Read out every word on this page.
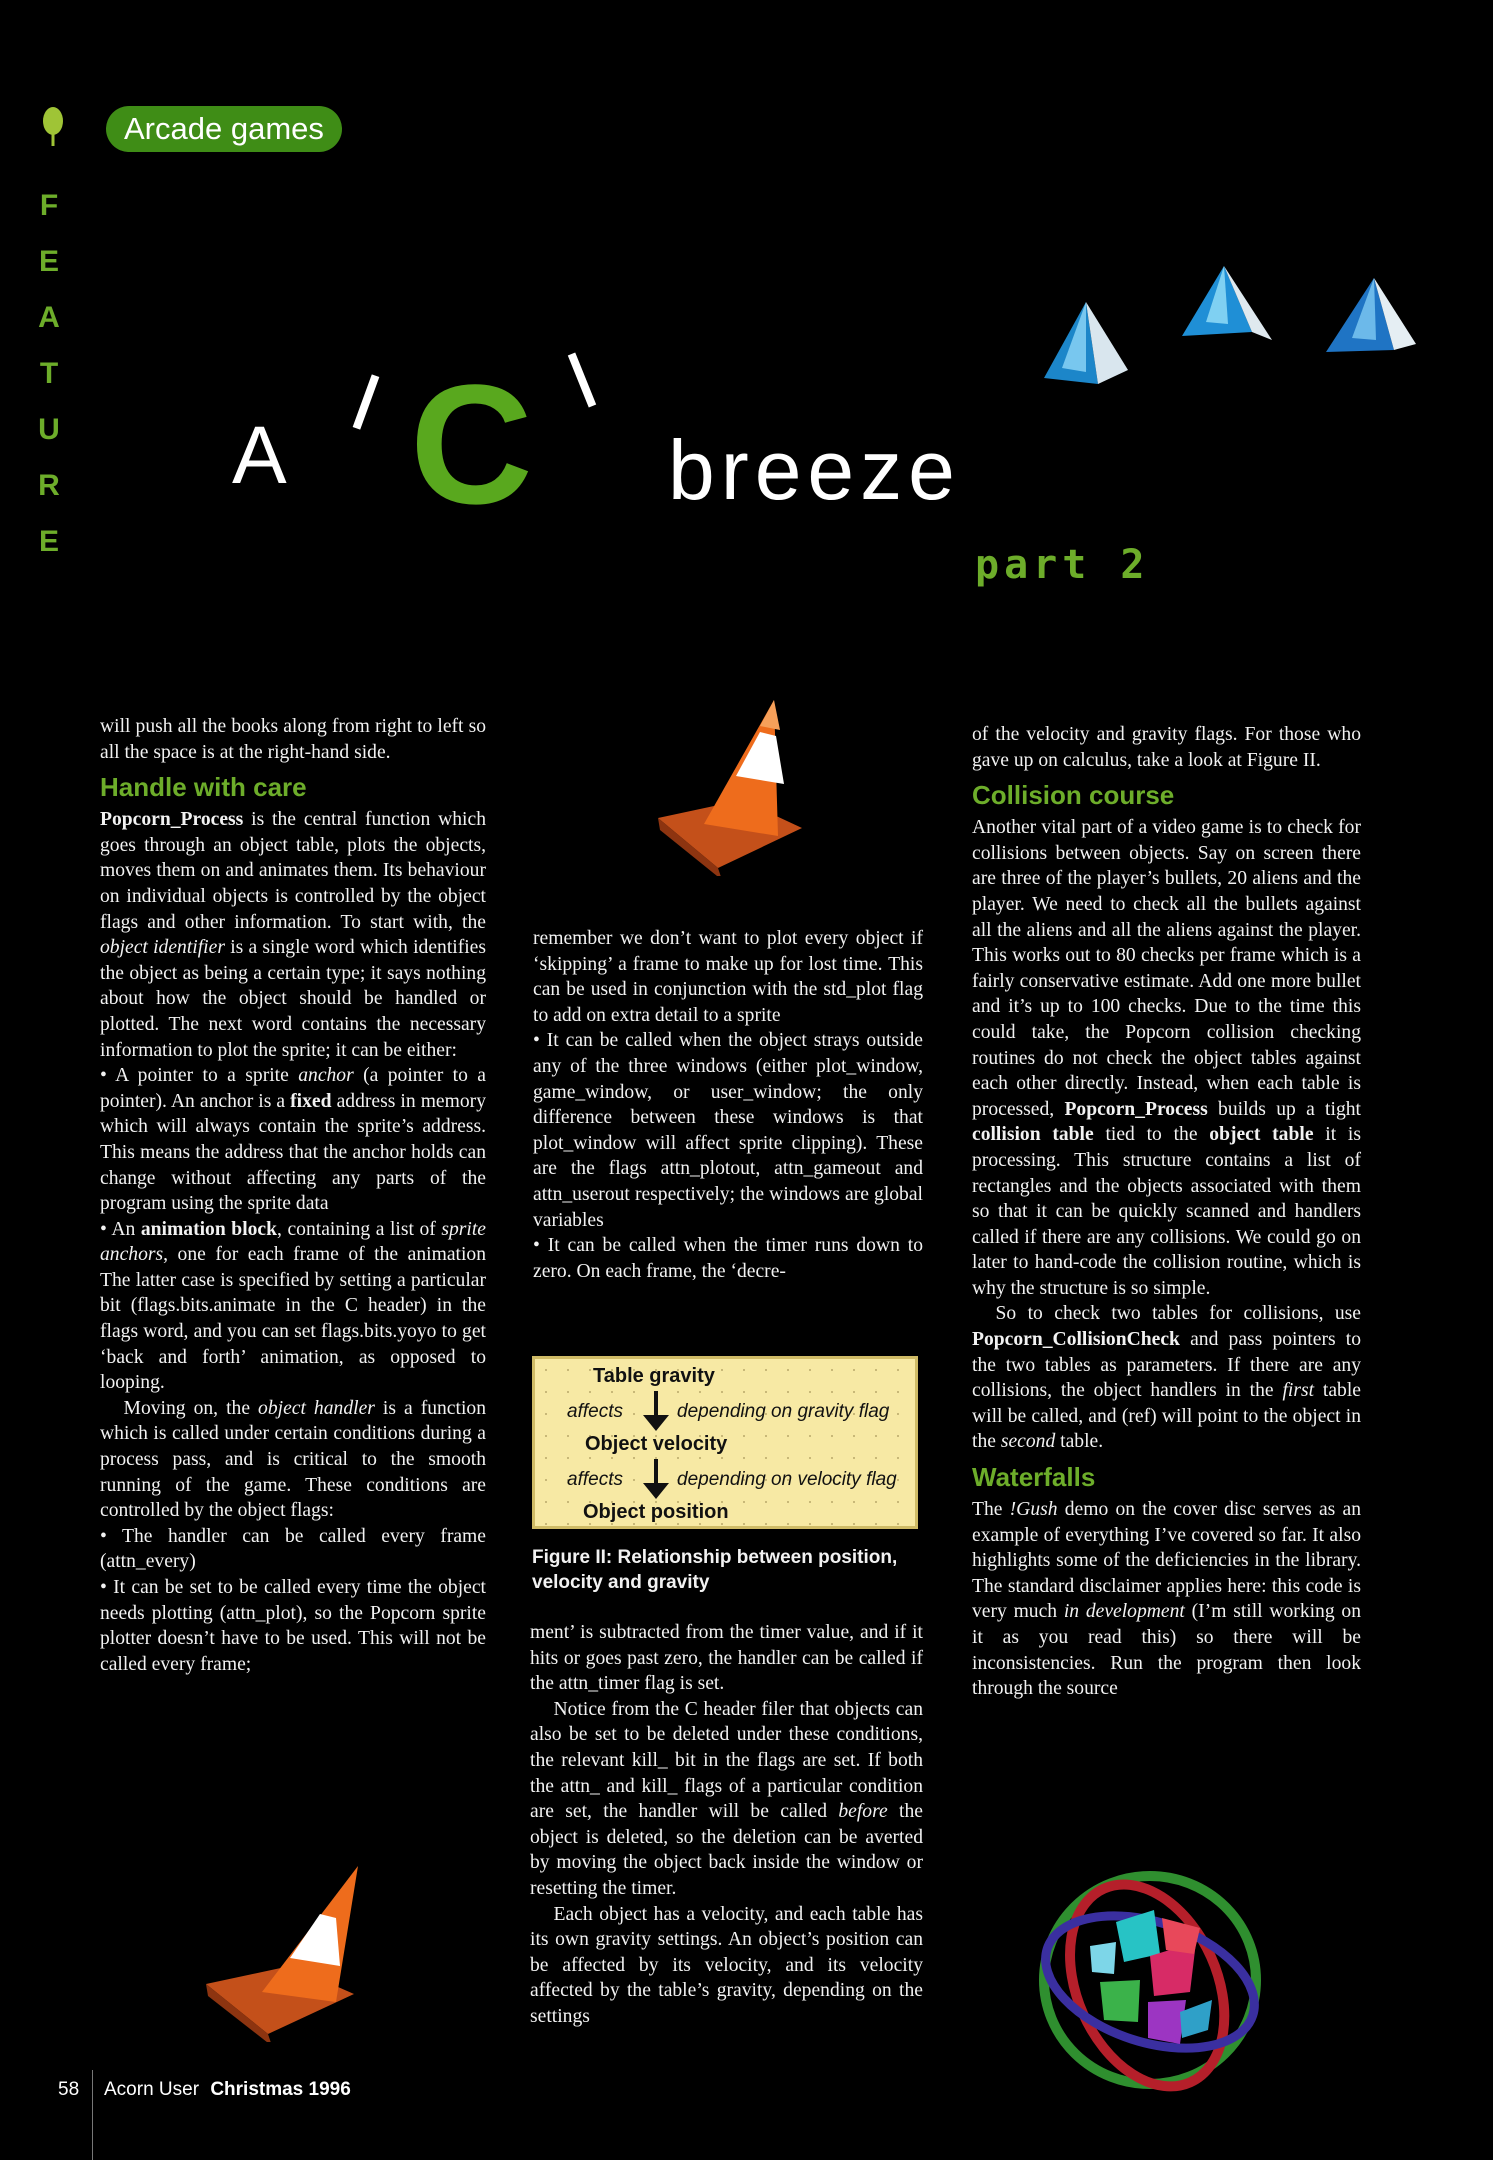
F
E
A
T
U
R
E
Arcade games
A C breeze
part 2

will push all the books along from right to left so all the space is at the right-hand side.

Handle with care

Popcorn_Process is the central function which goes through an object table, plots the objects, moves them on and animates them. Its behaviour on individual objects is controlled by the object flags and other information. To start with, the object identifier is a single word which identifies the object as being a certain type; it says nothing about how the object should be handled or plotted. The next word contains the necessary information to plot the sprite; it can be either:

• A pointer to a sprite anchor (a pointer to a pointer). An anchor is a fixed address in memory which will always contain the sprite’s address. This means the address that the anchor holds can change without affecting any parts of the program using the sprite data

• An animation block, containing a list of sprite anchors, one for each frame of the animation The latter case is specified by setting a particular bit (flags.bits.animate in the C header) in the flags word, and you can set flags.bits.yoyo to get ‘back and forth’ animation, as opposed to looping.

Moving on, the object handler is a function which is called under certain conditions during a process pass, and is critical to the smooth running of the game. These conditions are controlled by the object flags:

• The handler can be called every frame (attn_every)

• It can be set to be called every time the object needs plotting (attn_plot), so the Popcorn sprite plotter doesn’t have to be used. This will not be called every frame;

remember we don’t want to plot every object if ‘skipping’ a frame to make up for lost time. This can be used in conjunction with the std_plot flag to add on extra detail to a sprite

• It can be called when the object strays outside any of the three windows (either plot_window, game_window, or user_window; the only difference between these windows is that plot_window will affect sprite clipping). These are the flags attn_plotout, attn_gameout and attn_userout respectively; the windows are global variables

• It can be called when the timer runs down to zero. On each frame, the ‘decre-

Table gravity
affects	depending on gravity flag
Object velocity
affects	depending on velocity flag
Object position
Figure II: Relationship between position, velocity and gravity

ment’ is subtracted from the timer value, and if it hits or goes past zero, the handler can be called if the attn_timer flag is set.

Notice from the C header filer that objects can also be set to be deleted under these conditions, the relevant kill_ bit in the flags are set. If both the attn_ and kill_ flags of a particular condition are set, the handler will be called before the object is deleted, so the deletion can be averted by moving the object back inside the window or resetting the timer.

Each object has a velocity, and each table has its own gravity settings. An object’s position can be affected by its velocity, and its velocity affected by the table’s gravity, depending on the settings

of the velocity and gravity flags. For those who gave up on calculus, take a look at Figure II.

Collision course

Another vital part of a video game is to check for collisions between objects. Say on screen there are three of the player’s bullets, 20 aliens and the player. We need to check all the bullets against all the aliens and all the aliens against the player. This works out to 80 checks per frame which is a fairly conservative estimate. Add one more bullet and it’s up to 100 checks. Due to the time this could take, the Popcorn collision checking routines do not check the object tables against each other directly. Instead, when each table is processed, Popcorn_Process builds up a tight collision table tied to the object table it is processing. This structure contains a list of rectangles and the objects associated with them so that it can be quickly scanned and handlers called if there are any collisions. We could go on later to hand-code the collision routine, which is why the structure is so simple.

So to check two tables for collisions, use Popcorn_CollisionCheck and pass pointers to the two tables as parameters. If there are any collisions, the object handlers in the first table will be called, and (ref) will point to the object in the second table.

Waterfalls

The !Gush demo on the cover disc serves as an example of everything I’ve covered so far. It also highlights some of the deficiencies in the library. The standard disclaimer applies here: this code is very much in development (I’m still working on it as you read this) so there will be inconsistencies. Run the program then look through the source

58 Acorn User Christmas 1996
